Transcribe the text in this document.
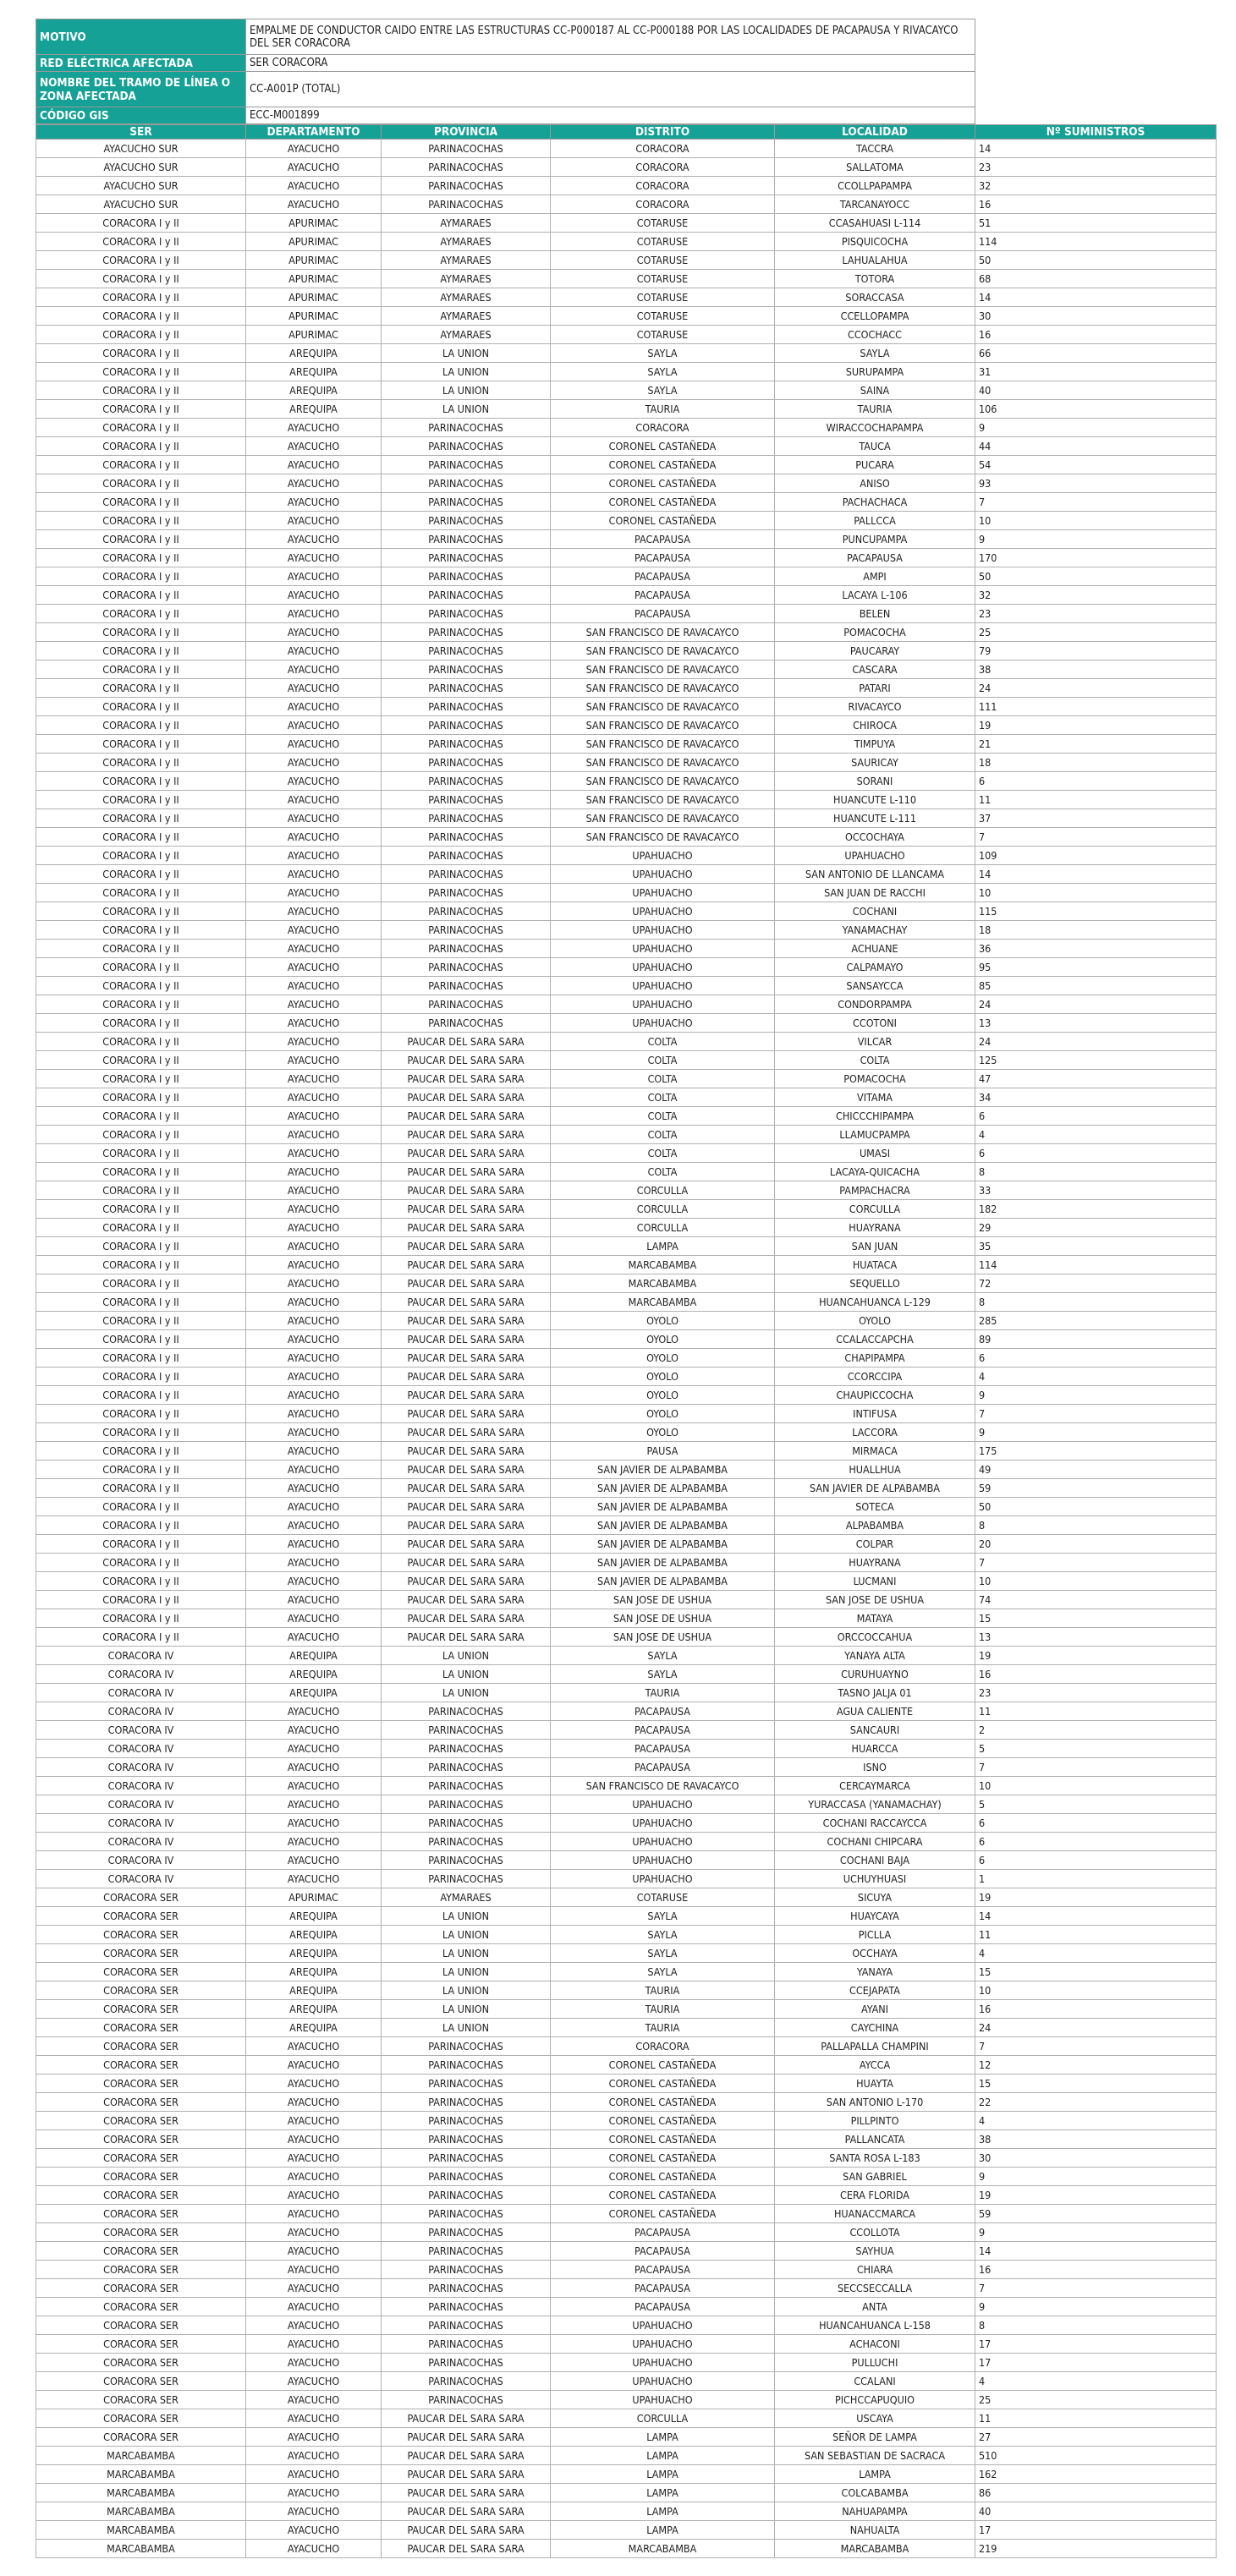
MOTIVO	EMPALME DE CONDUCTOR CAIDO ENTRE LAS ESTRUCTURAS CC-P000187 AL CC-P000188 POR LAS LOCALIDADES DE PACAPAUSA Y RIVACAYCO DEL SER CORACORA
RED ELÉCTRICA AFECTADA	SER CORACORA
NOMBRE DEL TRAMO DE LÍNEA O ZONA AFECTADA	CC-A001P (TOTAL)
CÓDIGO GIS	ECC-M001899
SER	DEPARTAMENTO	PROVINCIA	DISTRITO	LOCALIDAD	Nº SUMINISTROS
AYACUCHO SUR	AYACUCHO	PARINACOCHAS	CORACORA	TACCRA	14
AYACUCHO SUR	AYACUCHO	PARINACOCHAS	CORACORA	SALLATOMA	23
AYACUCHO SUR	AYACUCHO	PARINACOCHAS	CORACORA	CCOLLPAPAMPA	32
AYACUCHO SUR	AYACUCHO	PARINACOCHAS	CORACORA	TARCANAYOCC	16
CORACORA I y II	APURIMAC	AYMARAES	COTARUSE	CCASAHUASI L-114	51
CORACORA I y II	APURIMAC	AYMARAES	COTARUSE	PISQUICOCHA	114
CORACORA I y II	APURIMAC	AYMARAES	COTARUSE	LAHUALAHUA	50
CORACORA I y II	APURIMAC	AYMARAES	COTARUSE	TOTORA	68
CORACORA I y II	APURIMAC	AYMARAES	COTARUSE	SORACCASA	14
CORACORA I y II	APURIMAC	AYMARAES	COTARUSE	CCELLOPAMPA	30
CORACORA I y II	APURIMAC	AYMARAES	COTARUSE	CCOCHACC	16
CORACORA I y II	AREQUIPA	LA UNION	SAYLA	SAYLA	66
CORACORA I y II	AREQUIPA	LA UNION	SAYLA	SURUPAMPA	31
CORACORA I y II	AREQUIPA	LA UNION	SAYLA	SAINA	40
CORACORA I y II	AREQUIPA	LA UNION	TAURIA	TAURIA	106
CORACORA I y II	AYACUCHO	PARINACOCHAS	CORACORA	WIRACCOCHAPAMPA	9
CORACORA I y II	AYACUCHO	PARINACOCHAS	CORONEL CASTAÑEDA	TAUCA	44
CORACORA I y II	AYACUCHO	PARINACOCHAS	CORONEL CASTAÑEDA	PUCARA	54
CORACORA I y II	AYACUCHO	PARINACOCHAS	CORONEL CASTAÑEDA	ANISO	93
CORACORA I y II	AYACUCHO	PARINACOCHAS	CORONEL CASTAÑEDA	PACHACHACA	7
CORACORA I y II	AYACUCHO	PARINACOCHAS	CORONEL CASTAÑEDA	PALLCCA	10
CORACORA I y II	AYACUCHO	PARINACOCHAS	PACAPAUSA	PUNCUPAMPA	9
CORACORA I y II	AYACUCHO	PARINACOCHAS	PACAPAUSA	PACAPAUSA	170
CORACORA I y II	AYACUCHO	PARINACOCHAS	PACAPAUSA	AMPI	50
CORACORA I y II	AYACUCHO	PARINACOCHAS	PACAPAUSA	LACAYA L-106	32
CORACORA I y II	AYACUCHO	PARINACOCHAS	PACAPAUSA	BELEN	23
CORACORA I y II	AYACUCHO	PARINACOCHAS	SAN FRANCISCO DE RAVACAYCO	POMACOCHA	25
CORACORA I y II	AYACUCHO	PARINACOCHAS	SAN FRANCISCO DE RAVACAYCO	PAUCARAY	79
CORACORA I y II	AYACUCHO	PARINACOCHAS	SAN FRANCISCO DE RAVACAYCO	CASCARA	38
CORACORA I y II	AYACUCHO	PARINACOCHAS	SAN FRANCISCO DE RAVACAYCO	PATARI	24
CORACORA I y II	AYACUCHO	PARINACOCHAS	SAN FRANCISCO DE RAVACAYCO	RIVACAYCO	111
CORACORA I y II	AYACUCHO	PARINACOCHAS	SAN FRANCISCO DE RAVACAYCO	CHIROCA	19
CORACORA I y II	AYACUCHO	PARINACOCHAS	SAN FRANCISCO DE RAVACAYCO	TIMPUYA	21
CORACORA I y II	AYACUCHO	PARINACOCHAS	SAN FRANCISCO DE RAVACAYCO	SAURICAY	18
CORACORA I y II	AYACUCHO	PARINACOCHAS	SAN FRANCISCO DE RAVACAYCO	SORANI	6
CORACORA I y II	AYACUCHO	PARINACOCHAS	SAN FRANCISCO DE RAVACAYCO	HUANCUTE L-110	11
CORACORA I y II	AYACUCHO	PARINACOCHAS	SAN FRANCISCO DE RAVACAYCO	HUANCUTE L-111	37
CORACORA I y II	AYACUCHO	PARINACOCHAS	SAN FRANCISCO DE RAVACAYCO	OCCOCHAYA	7
CORACORA I y II	AYACUCHO	PARINACOCHAS	UPAHUACHO	UPAHUACHO	109
CORACORA I y II	AYACUCHO	PARINACOCHAS	UPAHUACHO	SAN ANTONIO DE LLANCAMA	14
CORACORA I y II	AYACUCHO	PARINACOCHAS	UPAHUACHO	SAN JUAN DE RACCHI	10
CORACORA I y II	AYACUCHO	PARINACOCHAS	UPAHUACHO	COCHANI	115
CORACORA I y II	AYACUCHO	PARINACOCHAS	UPAHUACHO	YANAMACHAY	18
CORACORA I y II	AYACUCHO	PARINACOCHAS	UPAHUACHO	ACHUANE	36
CORACORA I y II	AYACUCHO	PARINACOCHAS	UPAHUACHO	CALPAMAYO	95
CORACORA I y II	AYACUCHO	PARINACOCHAS	UPAHUACHO	SANSAYCCA	85
CORACORA I y II	AYACUCHO	PARINACOCHAS	UPAHUACHO	CONDORPAMPA	24
CORACORA I y II	AYACUCHO	PARINACOCHAS	UPAHUACHO	CCOTONI	13
CORACORA I y II	AYACUCHO	PAUCAR DEL SARA SARA	COLTA	VILCAR	24
CORACORA I y II	AYACUCHO	PAUCAR DEL SARA SARA	COLTA	COLTA	125
CORACORA I y II	AYACUCHO	PAUCAR DEL SARA SARA	COLTA	POMACOCHA	47
CORACORA I y II	AYACUCHO	PAUCAR DEL SARA SARA	COLTA	VITAMA	34
CORACORA I y II	AYACUCHO	PAUCAR DEL SARA SARA	COLTA	CHICCCHIPAMPA	6
CORACORA I y II	AYACUCHO	PAUCAR DEL SARA SARA	COLTA	LLAMUCPAMPA	4
CORACORA I y II	AYACUCHO	PAUCAR DEL SARA SARA	COLTA	UMASI	6
CORACORA I y II	AYACUCHO	PAUCAR DEL SARA SARA	COLTA	LACAYA-QUICACHA	8
CORACORA I y II	AYACUCHO	PAUCAR DEL SARA SARA	CORCULLA	PAMPACHACRA	33
CORACORA I y II	AYACUCHO	PAUCAR DEL SARA SARA	CORCULLA	CORCULLA	182
CORACORA I y II	AYACUCHO	PAUCAR DEL SARA SARA	CORCULLA	HUAYRANA	29
CORACORA I y II	AYACUCHO	PAUCAR DEL SARA SARA	LAMPA	SAN JUAN	35
CORACORA I y II	AYACUCHO	PAUCAR DEL SARA SARA	MARCABAMBA	HUATACA	114
CORACORA I y II	AYACUCHO	PAUCAR DEL SARA SARA	MARCABAMBA	SEQUELLO	72
CORACORA I y II	AYACUCHO	PAUCAR DEL SARA SARA	MARCABAMBA	HUANCAHUANCA L-129	8
CORACORA I y II	AYACUCHO	PAUCAR DEL SARA SARA	OYOLO	OYOLO	285
CORACORA I y II	AYACUCHO	PAUCAR DEL SARA SARA	OYOLO	CCALACCAPCHA	89
CORACORA I y II	AYACUCHO	PAUCAR DEL SARA SARA	OYOLO	CHAPIPAMPA	6
CORACORA I y II	AYACUCHO	PAUCAR DEL SARA SARA	OYOLO	CCORCCIPA	4
CORACORA I y II	AYACUCHO	PAUCAR DEL SARA SARA	OYOLO	CHAUPICCOCHA	9
CORACORA I y II	AYACUCHO	PAUCAR DEL SARA SARA	OYOLO	INTIFUSA	7
CORACORA I y II	AYACUCHO	PAUCAR DEL SARA SARA	OYOLO	LACCORA	9
CORACORA I y II	AYACUCHO	PAUCAR DEL SARA SARA	PAUSA	MIRMACA	175
CORACORA I y II	AYACUCHO	PAUCAR DEL SARA SARA	SAN JAVIER DE ALPABAMBA	HUALLHUA	49
CORACORA I y II	AYACUCHO	PAUCAR DEL SARA SARA	SAN JAVIER DE ALPABAMBA	SAN JAVIER DE ALPABAMBA	59
CORACORA I y II	AYACUCHO	PAUCAR DEL SARA SARA	SAN JAVIER DE ALPABAMBA	SOTECA	50
CORACORA I y II	AYACUCHO	PAUCAR DEL SARA SARA	SAN JAVIER DE ALPABAMBA	ALPABAMBA	8
CORACORA I y II	AYACUCHO	PAUCAR DEL SARA SARA	SAN JAVIER DE ALPABAMBA	COLPAR	20
CORACORA I y II	AYACUCHO	PAUCAR DEL SARA SARA	SAN JAVIER DE ALPABAMBA	HUAYRANA	7
CORACORA I y II	AYACUCHO	PAUCAR DEL SARA SARA	SAN JAVIER DE ALPABAMBA	LUCMANI	10
CORACORA I y II	AYACUCHO	PAUCAR DEL SARA SARA	SAN JOSE DE USHUA	SAN JOSE DE USHUA	74
CORACORA I y II	AYACUCHO	PAUCAR DEL SARA SARA	SAN JOSE DE USHUA	MATAYA	15
CORACORA I y II	AYACUCHO	PAUCAR DEL SARA SARA	SAN JOSE DE USHUA	ORCCOCCAHUA	13
CORACORA IV	AREQUIPA	LA UNION	SAYLA	YANAYA ALTA	19
CORACORA IV	AREQUIPA	LA UNION	SAYLA	CURUHUAYNO	16
CORACORA IV	AREQUIPA	LA UNION	TAURIA	TASNO JALJA 01	23
CORACORA IV	AYACUCHO	PARINACOCHAS	PACAPAUSA	AGUA CALIENTE	11
CORACORA IV	AYACUCHO	PARINACOCHAS	PACAPAUSA	SANCAURI	2
CORACORA IV	AYACUCHO	PARINACOCHAS	PACAPAUSA	HUARCCA	5
CORACORA IV	AYACUCHO	PARINACOCHAS	PACAPAUSA	ISNO	7
CORACORA IV	AYACUCHO	PARINACOCHAS	SAN FRANCISCO DE RAVACAYCO	CERCAYMARCA	10
CORACORA IV	AYACUCHO	PARINACOCHAS	UPAHUACHO	YURACCASA (YANAMACHAY)	5
CORACORA IV	AYACUCHO	PARINACOCHAS	UPAHUACHO	COCHANI RACCAYCCA	6
CORACORA IV	AYACUCHO	PARINACOCHAS	UPAHUACHO	COCHANI CHIPCARA	6
CORACORA IV	AYACUCHO	PARINACOCHAS	UPAHUACHO	COCHANI BAJA	6
CORACORA IV	AYACUCHO	PARINACOCHAS	UPAHUACHO	UCHUYHUASI	1
CORACORA SER	APURIMAC	AYMARAES	COTARUSE	SICUYA	19
CORACORA SER	AREQUIPA	LA UNION	SAYLA	HUAYCAYA	14
CORACORA SER	AREQUIPA	LA UNION	SAYLA	PICLLA	11
CORACORA SER	AREQUIPA	LA UNION	SAYLA	OCCHAYA	4
CORACORA SER	AREQUIPA	LA UNION	SAYLA	YANAYA	15
CORACORA SER	AREQUIPA	LA UNION	TAURIA	CCEJAPATA	10
CORACORA SER	AREQUIPA	LA UNION	TAURIA	AYANI	16
CORACORA SER	AREQUIPA	LA UNION	TAURIA	CAYCHINA	24
CORACORA SER	AYACUCHO	PARINACOCHAS	CORACORA	PALLAPALLA CHAMPINI	7
CORACORA SER	AYACUCHO	PARINACOCHAS	CORONEL CASTAÑEDA	AYCCA	12
CORACORA SER	AYACUCHO	PARINACOCHAS	CORONEL CASTAÑEDA	HUAYTA	15
CORACORA SER	AYACUCHO	PARINACOCHAS	CORONEL CASTAÑEDA	SAN ANTONIO L-170	22
CORACORA SER	AYACUCHO	PARINACOCHAS	CORONEL CASTAÑEDA	PILLPINTO	4
CORACORA SER	AYACUCHO	PARINACOCHAS	CORONEL CASTAÑEDA	PALLANCATA	38
CORACORA SER	AYACUCHO	PARINACOCHAS	CORONEL CASTAÑEDA	SANTA ROSA L-183	30
CORACORA SER	AYACUCHO	PARINACOCHAS	CORONEL CASTAÑEDA	SAN GABRIEL	9
CORACORA SER	AYACUCHO	PARINACOCHAS	CORONEL CASTAÑEDA	CERA FLORIDA	19
CORACORA SER	AYACUCHO	PARINACOCHAS	CORONEL CASTAÑEDA	HUANACCMARCA	59
CORACORA SER	AYACUCHO	PARINACOCHAS	PACAPAUSA	CCOLLOTA	9
CORACORA SER	AYACUCHO	PARINACOCHAS	PACAPAUSA	SAYHUA	14
CORACORA SER	AYACUCHO	PARINACOCHAS	PACAPAUSA	CHIARA	16
CORACORA SER	AYACUCHO	PARINACOCHAS	PACAPAUSA	SECCSECCALLA	7
CORACORA SER	AYACUCHO	PARINACOCHAS	PACAPAUSA	ANTA	9
CORACORA SER	AYACUCHO	PARINACOCHAS	UPAHUACHO	HUANCAHUANCA L-158	8
CORACORA SER	AYACUCHO	PARINACOCHAS	UPAHUACHO	ACHACONI	17
CORACORA SER	AYACUCHO	PARINACOCHAS	UPAHUACHO	PULLUCHI	17
CORACORA SER	AYACUCHO	PARINACOCHAS	UPAHUACHO	CCALANI	4
CORACORA SER	AYACUCHO	PARINACOCHAS	UPAHUACHO	PICHCCAPUQUIO	25
CORACORA SER	AYACUCHO	PAUCAR DEL SARA SARA	CORCULLA	USCAYA	11
CORACORA SER	AYACUCHO	PAUCAR DEL SARA SARA	LAMPA	SEÑOR DE LAMPA	27
MARCABAMBA	AYACUCHO	PAUCAR DEL SARA SARA	LAMPA	SAN SEBASTIAN DE SACRACA	510
MARCABAMBA	AYACUCHO	PAUCAR DEL SARA SARA	LAMPA	LAMPA	162
MARCABAMBA	AYACUCHO	PAUCAR DEL SARA SARA	LAMPA	COLCABAMBA	86
MARCABAMBA	AYACUCHO	PAUCAR DEL SARA SARA	LAMPA	NAHUAPAMPA	40
MARCABAMBA	AYACUCHO	PAUCAR DEL SARA SARA	LAMPA	NAHUALTA	17
MARCABAMBA	AYACUCHO	PAUCAR DEL SARA SARA	MARCABAMBA	MARCABAMBA	219
